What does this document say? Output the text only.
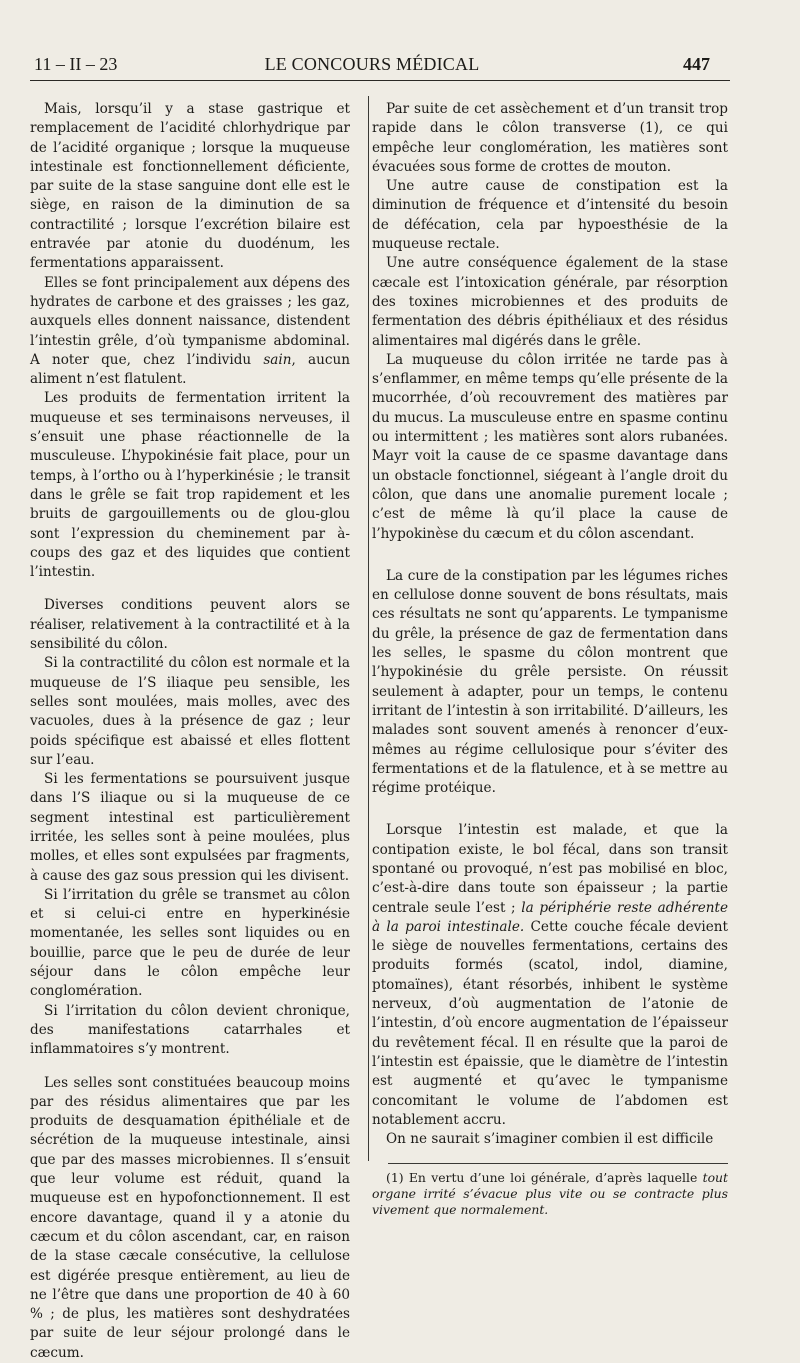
11 – II – 23	LE CONCOURS MÉDICAL	447

Mais, lorsqu’il y a stase gastrique et remplacement de l’acidité chlorhydrique par de l’acidité organique ; lorsque la muqueuse intestinale est fonctionnellement déficiente, par suite de la stase sanguine dont elle est le siège, en raison de la diminution de sa contractilité ; lorsque l’excrétion bilaire est entravée par atonie du duodénum, les fermentations apparaissent.

Elles se font principalement aux dépens des hydrates de carbone et des graisses ; les gaz, auxquels elles donnent naissance, distendent l’intestin grêle, d’où tympanisme abdominal. A noter que, chez l’individu sain, aucun aliment n’est flatulent.

Les produits de fermentation irritent la muqueuse et ses terminaisons nerveuses, il s’ensuit une phase réactionnelle de la musculeuse. L’hypokinésie fait place, pour un temps, à l’ortho ou à l’hyperkinésie ; le transit dans le grêle se fait trop rapidement et les bruits de gargouillements ou de glou-glou sont l’expression du cheminement par à-coups des gaz et des liquides que contient l’intestin.

Diverses conditions peuvent alors se réaliser, relativement à la contractilité et à la sensibilité du côlon.

Si la contractilité du côlon est normale et la muqueuse de l’S iliaque peu sensible, les selles sont moulées, mais molles, avec des vacuoles, dues à la présence de gaz ; leur poids spécifique est abaissé et elles flottent sur l’eau.

Si les fermentations se poursuivent jusque dans l’S iliaque ou si la muqueuse de ce segment intestinal est particulièrement irritée, les selles sont à peine moulées, plus molles, et elles sont expulsées par fragments, à cause des gaz sous pression qui les divisent.

Si l’irritation du grêle se transmet au côlon et si celui-ci entre en hyperkinésie momentanée, les selles sont liquides ou en bouillie, parce que le peu de durée de leur séjour dans le côlon empêche leur conglomération.

Si l’irritation du côlon devient chronique, des manifestations catarrhales et inflammatoires s’y montrent.

Les selles sont constituées beaucoup moins par des résidus alimentaires que par les produits de desquamation épithéliale et de sécrétion de la muqueuse intestinale, ainsi que par des masses microbiennes. Il s’ensuit que leur volume est réduit, quand la muqueuse est en hypofonctionnement. Il est encore davantage, quand il y a atonie du cæcum et du côlon ascendant, car, en raison de la stase cæcale consécutive, la cellulose est digérée presque entièrement, au lieu de ne l’être que dans une proportion de 40 à 60 % ; de plus, les matières sont deshydratées par suite de leur séjour prolongé dans le cæcum.

Par suite de cet assèchement et d’un transit trop rapide dans le côlon transverse (1), ce qui empêche leur conglomération, les matières sont évacuées sous forme de crottes de mouton.

Une autre cause de constipation est la diminution de fréquence et d’intensité du besoin de défécation, cela par hypoesthésie de la muqueuse rectale.

Une autre conséquence également de la stase cæcale est l’intoxication générale, par résorption des toxines microbiennes et des produits de fermentation des débris épithéliaux et des résidus alimentaires mal digérés dans le grêle.

La muqueuse du côlon irritée ne tarde pas à s’enflammer, en même temps qu’elle présente de la mucorrhée, d’où recouvrement des matières par du mucus. La musculeuse entre en spasme continu ou intermittent ; les matières sont alors rubanées. Mayr voit la cause de ce spasme davantage dans un obstacle fonctionnel, siégeant à l’angle droit du côlon, que dans une anomalie purement locale ; c’est de même là qu’il place la cause de l’hypokinèse du cæcum et du côlon ascendant.

La cure de la constipation par les légumes riches en cellulose donne souvent de bons résultats, mais ces résultats ne sont qu’apparents. Le tympanisme du grêle, la présence de gaz de fermentation dans les selles, le spasme du côlon montrent que l’hypokinésie du grêle persiste. On réussit seulement à adapter, pour un temps, le contenu irritant de l’intestin à son irritabilité. D’ailleurs, les malades sont souvent amenés à renoncer d’eux-mêmes au régime cellulosique pour s’éviter des fermentations et de la flatulence, et à se mettre au régime protéique.

Lorsque l’intestin est malade, et que la contipation existe, le bol fécal, dans son transit spontané ou provoqué, n’est pas mobilisé en bloc, c’est-à-dire dans toute son épaisseur ; la partie centrale seule l’est ; la périphérie reste adhérente à la paroi intestinale. Cette couche fécale devient le siège de nouvelles fermentations, certains des produits formés (scatol, indol, diamine, ptomaïnes), étant résorbés, inhibent le système nerveux, d’où augmentation de l’atonie de l’intestin, d’où encore augmentation de l’épaisseur du revêtement fécal. Il en résulte que la paroi de l’intestin est épaissie, que le diamètre de l’intestin est augmenté et qu’avec le tympanisme concomitant le volume de l’abdomen est notablement accru.

On ne saurait s’imaginer combien il est difficile

(1) En vertu d’une loi générale, d’après laquelle tout organe irrité s’évacue plus vite ou se contracte plus vivement que normalement.
